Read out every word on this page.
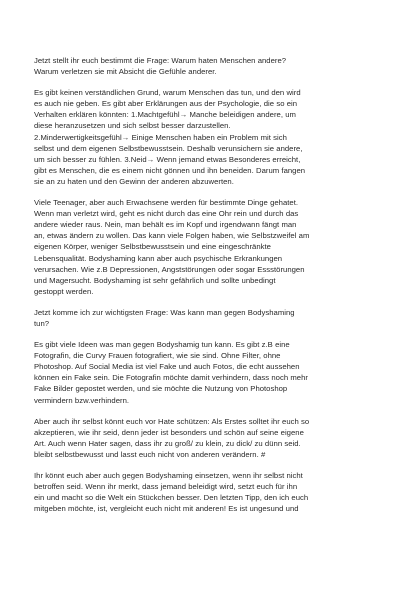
Jetzt stellt ihr euch bestimmt die Frage: Warum haten Menschen andere?
Warum verletzen sie mit Absicht die Gefühle anderer.
Es gibt keinen verständlichen Grund, warum Menschen das tun, und den wird
es auch nie geben. Es gibt aber Erklärungen aus der Psychologie, die so ein
Verhalten erklären könnten: 1.Machtgefühl→ Manche beleidigen andere, um
diese heranzusetzen und sich selbst besser darzustellen.
2.Minderwertigkeitsgefühl→ Einige Menschen haben ein Problem mit sich
selbst und dem eigenen Selbstbewusstsein. Deshalb verunsichern sie andere,
um sich besser zu fühlen. 3.Neid→ Wenn jemand etwas Besonderes erreicht,
gibt es Menschen, die es einem nicht gönnen und ihn beneiden. Darum fangen
sie an zu haten und den Gewinn der anderen abzuwerten.
Viele Teenager, aber auch Erwachsene werden für bestimmte Dinge gehatet.
Wenn man verletzt wird, geht es nicht durch das eine Ohr rein und durch das
andere wieder raus. Nein, man behält es im Kopf und irgendwann fängt man
an, etwas ändern zu wollen. Das kann viele Folgen haben, wie Selbstzweifel am
eigenen Körper, weniger Selbstbewusstsein und eine eingeschränkte
Lebensqualität. Bodyshaming kann aber auch psychische Erkrankungen
verursachen. Wie z.B Depressionen, Angststörungen oder sogar Essstörungen
und Magersucht. Bodyshaming ist sehr gefährlich und sollte unbedingt
gestoppt werden.
Jetzt komme ich zur wichtigsten Frage: Was kann man gegen Bodyshaming
tun?
Es gibt viele Ideen was man gegen Bodyshamig tun kann. Es gibt z.B eine
Fotografin, die Curvy Frauen fotografiert, wie sie sind. Ohne Filter, ohne
Photoshop. Auf Social Media ist viel Fake und auch Fotos, die echt aussehen
können ein Fake sein. Die Fotografin möchte damit verhindern, dass noch mehr
Fake Bilder gepostet werden, und sie möchte die Nutzung von Photoshop
vermindern bzw.verhindern.
Aber auch ihr selbst könnt euch vor Hate schützen: Als Erstes solltet ihr euch so
akzeptieren, wie ihr seid, denn jeder ist besonders und schön auf seine eigene
Art. Auch wenn Hater sagen, dass ihr zu groß/ zu klein, zu dick/ zu dünn seid.
bleibt selbstbewusst und lasst euch nicht von anderen verändern. #
Ihr könnt euch aber auch gegen Bodyshaming einsetzen, wenn ihr selbst nicht
betroffen seid. Wenn ihr merkt, dass jemand beleidigt wird, setzt euch für ihn
ein und macht so die Welt ein Stückchen besser. Den letzten Tipp, den ich euch
mitgeben möchte, ist, vergleicht euch nicht mit anderen! Es ist ungesund und
